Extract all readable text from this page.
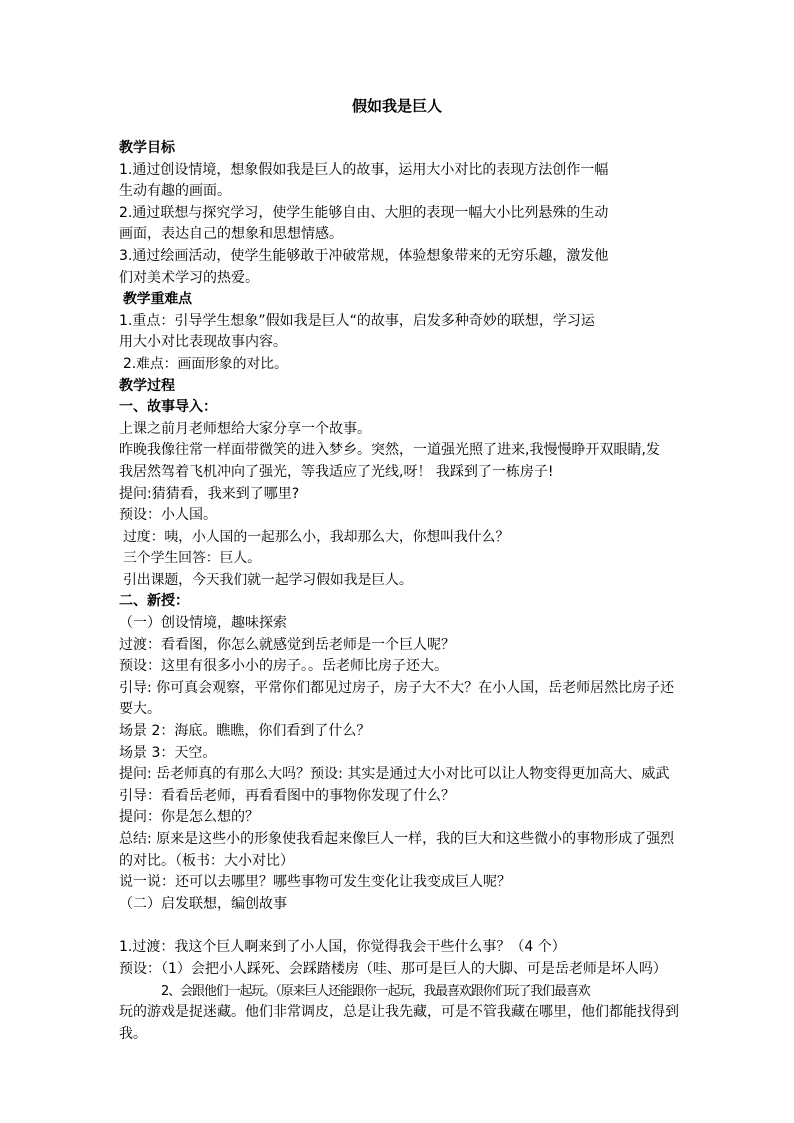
假如我是巨人

教学目标

1.通过创设情境，想象假如我是巨人的故事，运用大小对比的表现方法创作一幅

生动有趣的画面。

2.通过联想与探究学习，使学生能够自由、大胆的表现一幅大小比列悬殊的生动

画面，表达自己的想象和思想情感。

3.通过绘画活动，使学生能够敢于冲破常规，体验想象带来的无穷乐趣，激发他

们对美术学习的热爱。

教学重难点

1.重点：引导学生想象”假如我是巨人“的故事，启发多种奇妙的联想，学习运

用大小对比表现故事内容。

2.难点：画面形象的对比。

教学过程

一、故事导入：

上课之前月老师想给大家分享一个故事。

昨晚我像往常一样面带微笑的进入梦乡。突然，一道强光照了进来,我慢慢睁开双眼睛,发

我居然驾着飞机冲向了强光，等我适应了光线,呀！ 我踩到了一栋房子!

提问:猜猜看，我来到了哪里?

预设：小人国。

过度：咦，小人国的一起那么小，我却那么大，你想叫我什么？

三个学生回答：巨人。

引出课题，今天我们就一起学习假如我是巨人。

二、新授：

（一）创设情境，趣味探索

过渡：看看图，你怎么就感觉到岳老师是一个巨人呢？

预设：这里有很多小小的房子。。岳老师比房子还大。

引导: 你可真会观察，平常你们都见过房子，房子大不大？在小人国，岳老师居然比房子还

要大。

场景 2：海底。瞧瞧，你们看到了什么？

场景 3：天空。

提问: 岳老师真的有那么大吗？预设: 其实是通过大小对比可以让人物变得更加高大、威武

引导：看看岳老师，再看看图中的事物你发现了什么？

提问：你是怎么想的？

总结: 原来是这些小的形象使我看起来像巨人一样，我的巨大和这些微小的事物形成了强烈

的对比。（板书：大小对比）

说一说：还可以去哪里？哪些事物可发生变化让我变成巨人呢？

（二）启发联想，编创故事

1.过渡：我这个巨人啊来到了小人国，你觉得我会干些什么事？（4 个）

预设：（1）会把小人踩死、会踩踏楼房（哇、那可是巨人的大脚、可是岳老师是坏人吗）

2、会跟他们一起玩。（原来巨人还能跟你一起玩，我最喜欢跟你们玩了我们最喜欢

玩的游戏是捉迷藏。他们非常调皮，总是让我先藏，可是不管我藏在哪里，他们都能找得到

我。
